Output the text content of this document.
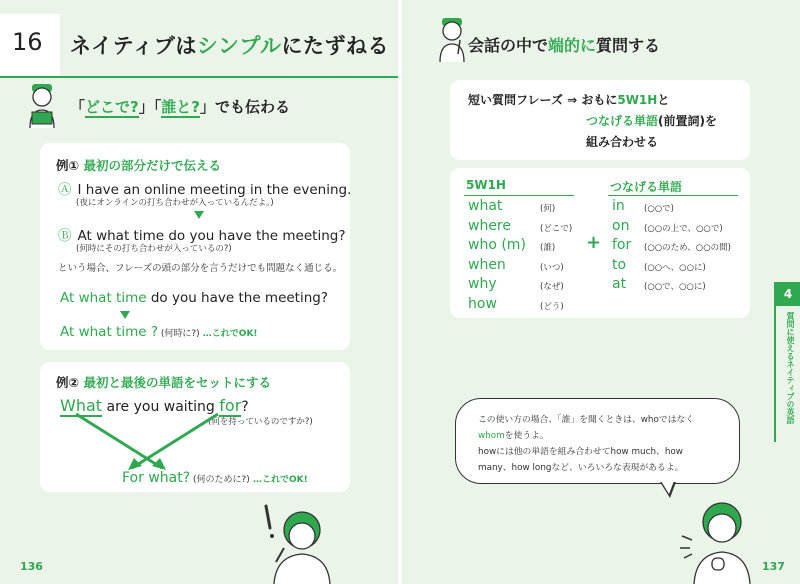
16 ネイティブはシンプルにたずねる
「どこで?」「誰と?」でも伝わる
例① 最初の部分だけで伝える
Ⓐ I have an online meeting in the evening.
(夜にオンラインの打ち合わせが入っているんだよ。)
Ⓑ At what time do you have the meeting?
(何時にその打ち合わせが入っているの?)
という場合、フレーズの頭の部分を言うだけでも問題なく通じる。
At what time do you have the meeting?
At what time ? (何時に?) …これでOK!
例② 最初と最後の単語をセットにする
What are you waiting for?
(何を持っているのですか?)
For what? (何のために?) …これでOK!
136
会話の中で端的に質問する
短い質問フレーズ ⇒ おもに5W1Hと
つなげる単語(前置詞)を
組み合わせる
5W1H	つなげる単語
what	(何)
where	(どこで)
who (m) (誰)
when	(いつ)
why	(なぜ)
how	(どう)
+
in (○○で)
on (○○の上で、○○で)
for (○○のため、○○の間)
to (○○へ、○○に)
at (○○で、○○に)	4
質問に使えるネイティブの英語
この使い方の場合、「誰」を聞くときは、whoではなく
whomを使うよ。
howには他の単語を組み合わせてhow much、how
many、how longなど、いろいろな表現があるよ。
137
